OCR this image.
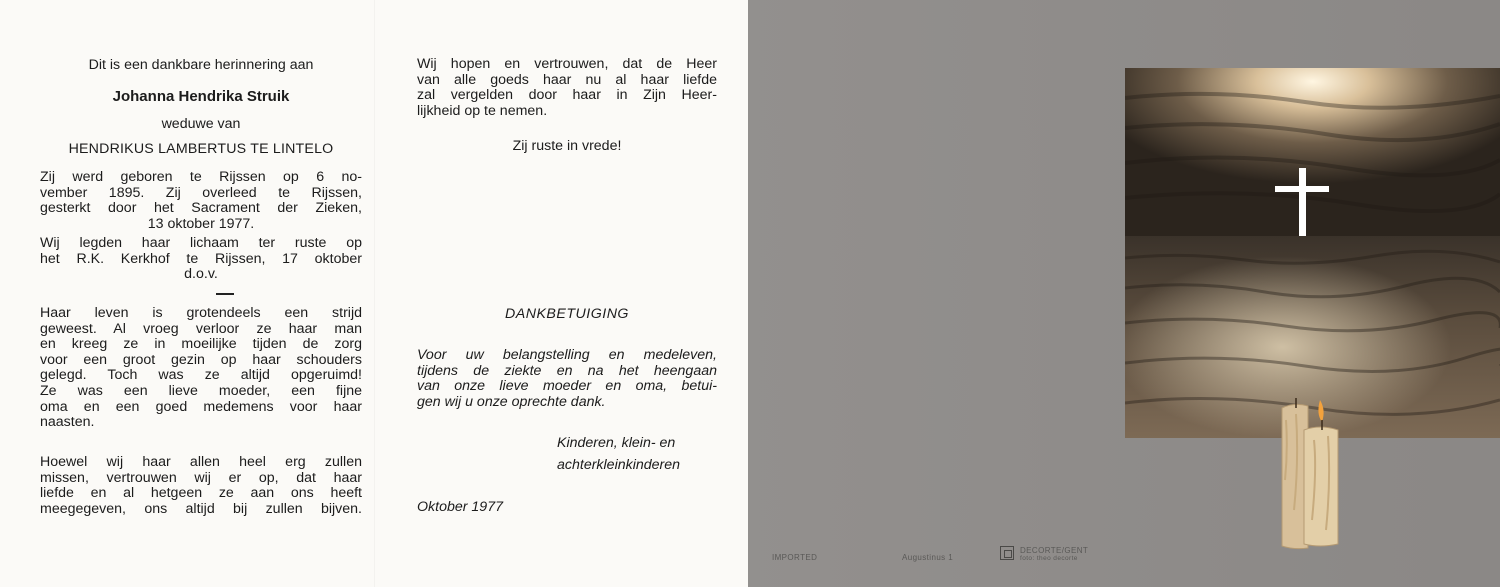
Dit is een dankbare herinnering aan
Johanna Hendrika Struik
weduwe van
HENDRIKUS LAMBERTUS TE LINTELO
Zij werd geboren te Rijssen op 6 no-
vember 1895. Zij overleed te Rijssen,
gesterkt door het Sacrament der Zieken,
13 oktober 1977.
Wij legden haar lichaam ter ruste op
het R.K. Kerkhof te Rijssen, 17 oktober
d.o.v.
Haar leven is grotendeels een strijd
geweest. Al vroeg verloor ze haar man
en kreeg ze in moeilijke tijden de zorg
voor een groot gezin op haar schouders
gelegd. Toch was ze altijd opgeruimd!
Ze was een lieve moeder, een fijne
oma en een goed medemens voor haar
naasten.
Hoewel wij haar allen heel erg zullen
missen, vertrouwen wij er op, dat haar
liefde en al hetgeen ze aan ons heeft
meegegeven, ons altijd bij zullen bijven.
Wij hopen en vertrouwen, dat de Heer
van alle goeds haar nu al haar liefde
zal vergelden door haar in Zijn Heer-
lijkheid op te nemen.
Zij ruste in vrede!
DANKBETUIGING
Voor uw belangstelling en medeleven,
tijdens de ziekte en na het heengaan
van onze lieve moeder en oma, betui-
gen wij u onze oprechte dank.
Kinderen, klein- en
achterkleinkinderen
Oktober 1977
IMPORTED	Augustinus 1
DECORTE/GENT
foto: theo decorte
